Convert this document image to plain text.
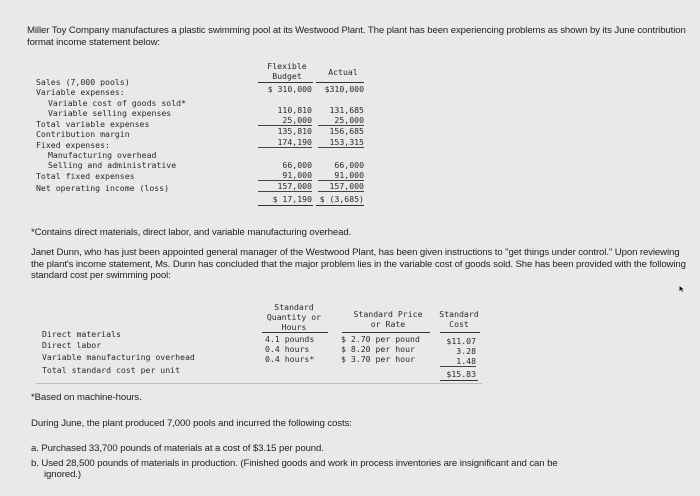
Miller Toy Company manufactures a plastic swimming pool at its Westwood Plant. The plant has been experiencing problems as shown by its June contribution format income statement below:
Flexible
Budget	Actual
Sales (7,000 pools)
Variable expenses:
Variable cost of goods sold*
Variable selling expenses
Total variable expenses
Contribution margin
Fixed expenses:
Manufacturing overhead
Selling and administrative
Total fixed expenses
Net operating income (loss)
$ 310,000
110,810
25,000
135,810
174,190
66,000
91,000
157,000
$ 17,190
$310,000
131,685
25,000
156,685
153,315
66,000
91,000
157,000
$ (3,685)
*Contains direct materials, direct labor, and variable manufacturing overhead.
Janet Dunn, who has just been appointed general manager of the Westwood Plant, has been given instructions to "get things under control." Upon reviewing the plant's income statement, Ms. Dunn has concluded that the major problem lies in the variable cost of goods sold. She has been provided with the following standard cost per swimming pool:
Standard
Quantity or
Hours
Standard Price
or Rate
Standard
Cost
Direct materials
Direct labor
Variable manufacturing overhead
Total standard cost per unit
4.1 pounds
0.4 hours
0.4 hours*
$ 2.70 per pound
$ 8.20 per hour
$ 3.70 per hour
$11.07
3.28
1.48
$15.83
*Based on machine-hours.
During June, the plant produced 7,000 pools and incurred the following costs:
a. Purchased 33,700 pounds of materials at a cost of $3.15 per pound.
b. Used 28,500 pounds of materials in production. (Finished goods and work in process inventories are insignificant and can be
ignored.)
